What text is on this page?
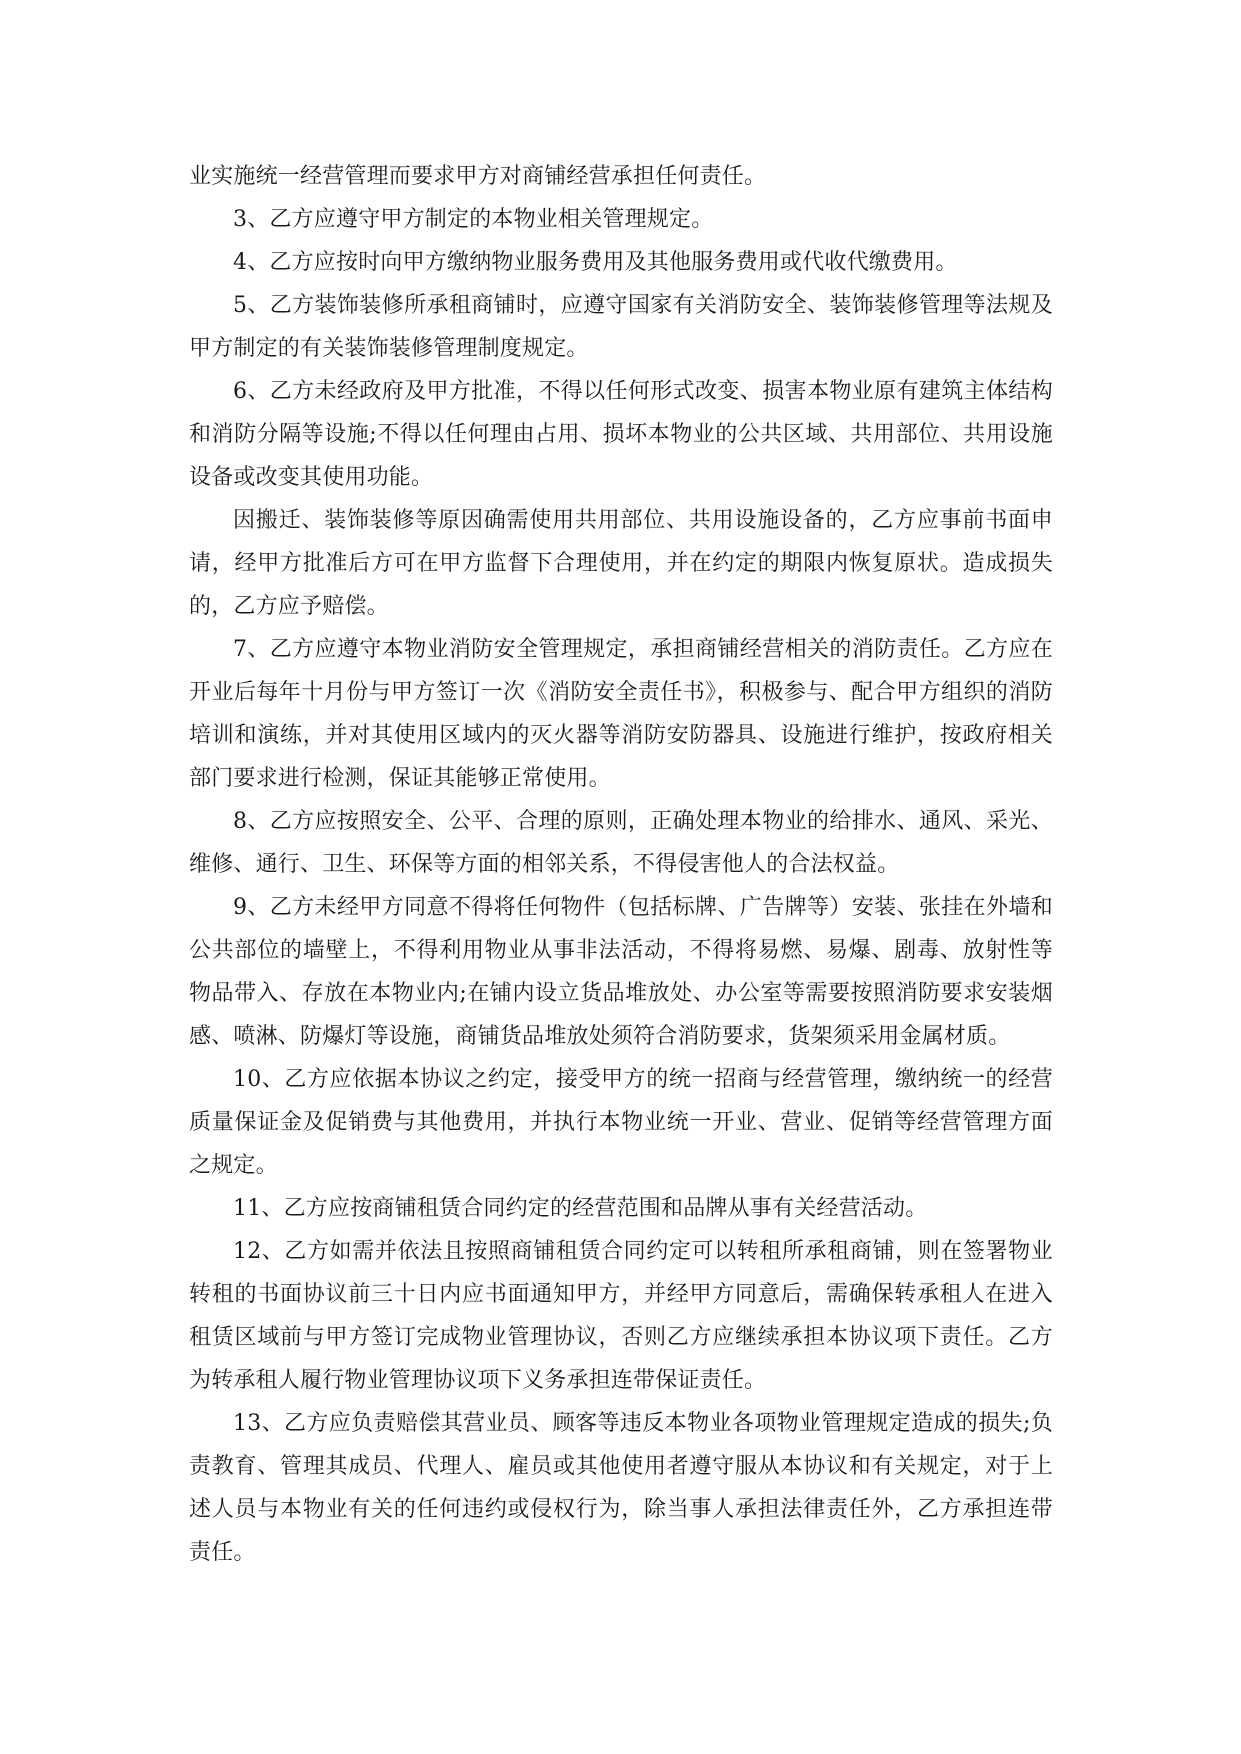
业实施统一经营管理而要求甲方对商铺经营承担任何责任。

3、乙方应遵守甲方制定的本物业相关管理规定。

4、乙方应按时向甲方缴纳物业服务费用及其他服务费用或代收代缴费用。

5、乙方装饰装修所承租商铺时，应遵守国家有关消防安全、装饰装修管理等法规及甲方制定的有关装饰装修管理制度规定。

6、乙方未经政府及甲方批准，不得以任何形式改变、损害本物业原有建筑主体结构和消防分隔等设施;不得以任何理由占用、损坏本物业的公共区域、共用部位、共用设施设备或改变其使用功能。

因搬迁、装饰装修等原因确需使用共用部位、共用设施设备的，乙方应事前书面申请，经甲方批准后方可在甲方监督下合理使用，并在约定的期限内恢复原状。造成损失的，乙方应予赔偿。

7、乙方应遵守本物业消防安全管理规定，承担商铺经营相关的消防责任。乙方应在开业后每年十月份与甲方签订一次《消防安全责任书》，积极参与、配合甲方组织的消防培训和演练，并对其使用区域内的灭火器等消防安防器具、设施进行维护，按政府相关部门要求进行检测，保证其能够正常使用。

8、乙方应按照安全、公平、合理的原则，正确处理本物业的给排水、通风、采光、维修、通行、卫生、环保等方面的相邻关系，不得侵害他人的合法权益。

9、乙方未经甲方同意不得将任何物件（包括标牌、广告牌等）安装、张挂在外墙和公共部位的墙壁上，不得利用物业从事非法活动，不得将易燃、易爆、剧毒、放射性等物品带入、存放在本物业内;在铺内设立货品堆放处、办公室等需要按照消防要求安装烟感、喷淋、防爆灯等设施，商铺货品堆放处须符合消防要求，货架须采用金属材质。

10、乙方应依据本协议之约定，接受甲方的统一招商与经营管理，缴纳统一的经营质量保证金及促销费与其他费用，并执行本物业统一开业、营业、促销等经营管理方面之规定。

11、乙方应按商铺租赁合同约定的经营范围和品牌从事有关经营活动。

12、乙方如需并依法且按照商铺租赁合同约定可以转租所承租商铺，则在签署物业转租的书面协议前三十日内应书面通知甲方，并经甲方同意后，需确保转承租人在进入租赁区域前与甲方签订完成物业管理协议，否则乙方应继续承担本协议项下责任。乙方为转承租人履行物业管理协议项下义务承担连带保证责任。

13、乙方应负责赔偿其营业员、顾客等违反本物业各项物业管理规定造成的损失;负责教育、管理其成员、代理人、雇员或其他使用者遵守服从本协议和有关规定，对于上述人员与本物业有关的任何违约或侵权行为，除当事人承担法律责任外，乙方承担连带责任。
